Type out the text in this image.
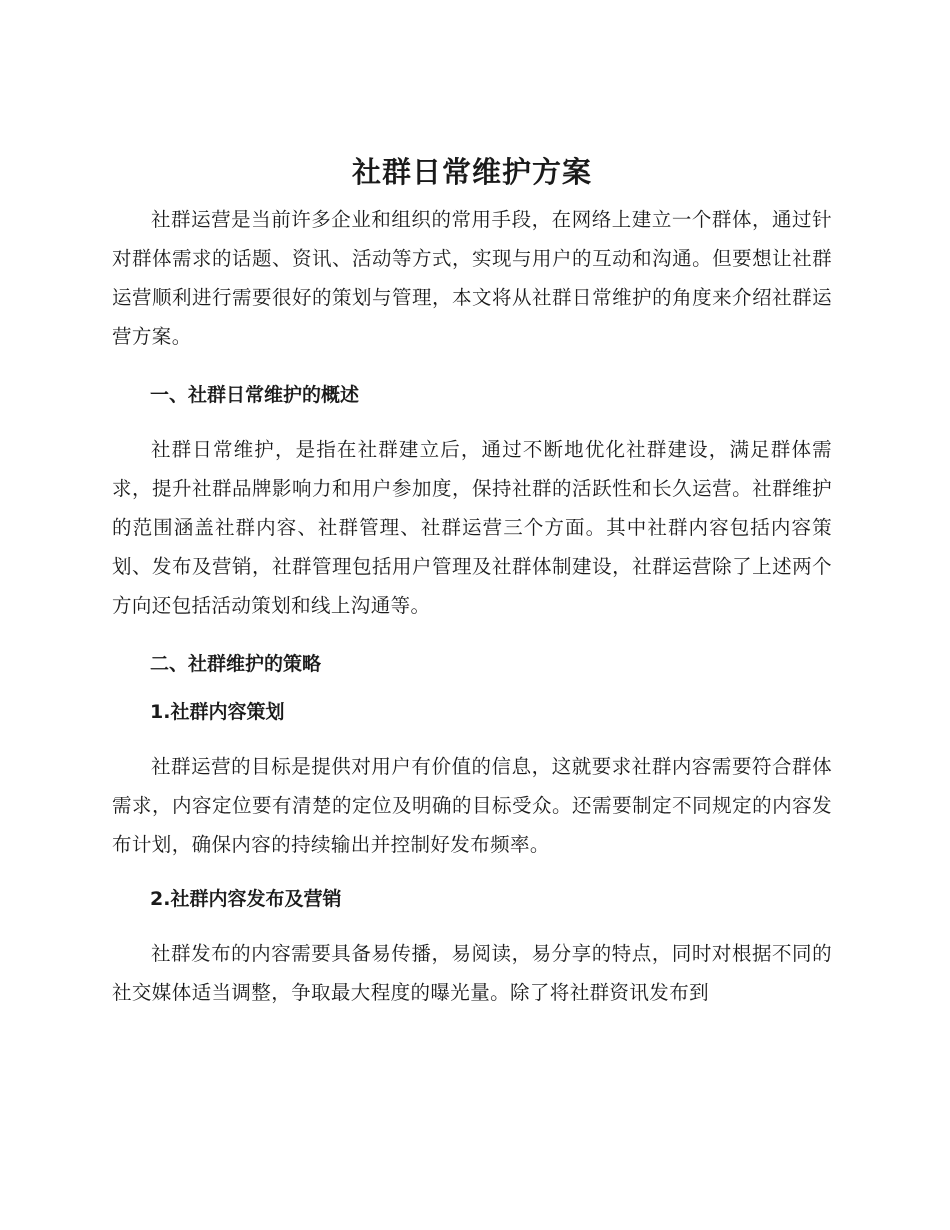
社群日常维护方案

社群运营是当前许多企业和组织的常用手段，在网络上建立一个群体，通过针对群体需求的话题、资讯、活动等方式，实现与用户的互动和沟通。但要想让社群运营顺利进行需要很好的策划与管理，本文将从社群日常维护的角度来介绍社群运营方案。

一、社群日常维护的概述

社群日常维护，是指在社群建立后，通过不断地优化社群建设，满足群体需求，提升社群品牌影响力和用户参加度，保持社群的活跃性和长久运营。社群维护的范围涵盖社群内容、社群管理、社群运营三个方面。其中社群内容包括内容策划、发布及营销，社群管理包括用户管理及社群体制建设，社群运营除了上述两个方向还包括活动策划和线上沟通等。

二、社群维护的策略
1.社群内容策划

社群运营的目标是提供对用户有价值的信息，这就要求社群内容需要符合群体需求，内容定位要有清楚的定位及明确的目标受众。还需要制定不同规定的内容发布计划，确保内容的持续输出并控制好发布频率。

2.社群内容发布及营销

社群发布的内容需要具备易传播，易阅读，易分享的特点，同时对根据不同的社交媒体适当调整，争取最大程度的曝光量。除了将社群资讯发布到
